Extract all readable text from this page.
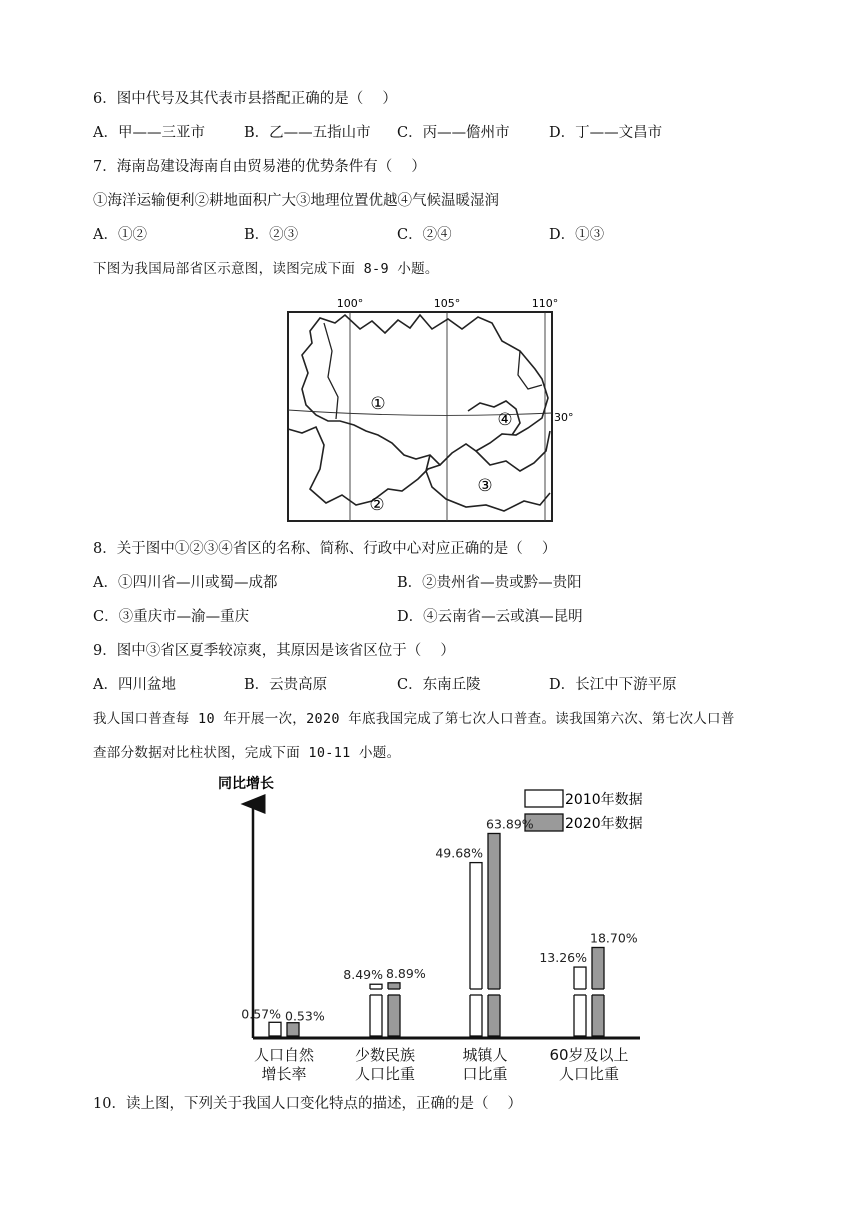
6．图中代号及其代表市县搭配正确的是（　 ）
A．甲——三亚市	B．乙——五指山市 C．丙——儋州市	D．丁——文昌市
7．海南岛建设海南自由贸易港的优势条件有（　 ）
①海洋运输便利②耕地面积广大③地理位置优越④气候温暖湿润
A．①②	B．②③	C．②④	D．①③
下图为我国局部省区示意图，读图完成下面 8-9 小题。
100°	105°	110°
30°
①
②
③
④
8．关于图中①②③④省区的名称、简称、行政中心对应正确的是（　 ）
A．①四川省—川或蜀—成都	B．②贵州省—贵或黔—贵阳
C．③重庆市—渝—重庆	D．④云南省—云或滇—昆明
9．图中③省区夏季较凉爽，其原因是该省区位于（　 ）
A．四川盆地	B．云贵高原	C．东南丘陵	D．长江中下游平原
我人国口普查每 10 年开展一次，2020 年底我国完成了第七次人口普查。读我国第六次、第七次人口普
查部分数据对比柱状图，完成下面 10-11 小题。
同比增长
2010年数据
2020年数据
0.57% 0.53%
人口自然
增长率
8.49% 8.89%
少数民族
人口比重
49.68%
63.89%
城镇人
口比重
13.26%
18.70%
60岁及以上
人口比重
10．读上图，下列关于我国人口变化特点的描述，正确的是（　 ）
